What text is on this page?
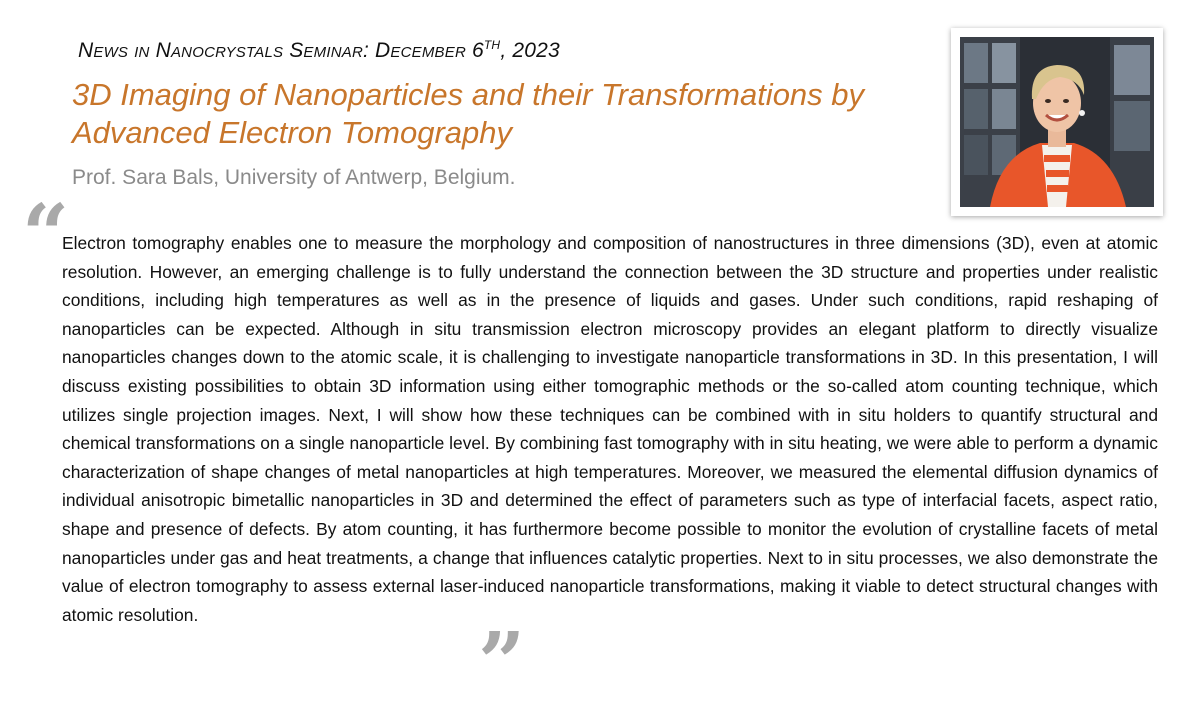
News in Nanocrystals Seminar: December 6TH, 2023
3D Imaging of Nanoparticles and their Transformations by Advanced Electron Tomography
Prof. Sara Bals, University of Antwerp, Belgium.
“

Electron tomography enables one to measure the morphology and composition of nanostructures in three dimensions (3D), even at atomic resolution. However, an emerging challenge is to fully understand the connection between the 3D structure and properties under realistic conditions, including high temperatures as well as in the presence of liquids and gases. Under such conditions, rapid reshaping of nanoparticles can be expected. Although in situ transmission electron microscopy provides an elegant platform to directly visualize nanoparticles changes down to the atomic scale, it is challenging to investigate nanoparticle transformations in 3D. In this presentation, I will discuss existing possibilities to obtain 3D information using either tomographic methods or the so-called atom counting technique, which utilizes single projection images. Next, I will show how these techniques can be combined with in situ holders to quantify structural and chemical transformations on a single nanoparticle level. By combining fast tomography with in situ heating, we were able to perform a dynamic characterization of shape changes of metal nanoparticles at high temperatures. Moreover, we measured the elemental diffusion dynamics of individual anisotropic bimetallic nanoparticles in 3D and determined the effect of parameters such as type of interfacial facets, aspect ratio, shape and presence of defects. By atom counting, it has furthermore become possible to monitor the evolution of crystalline facets of metal nanoparticles under gas and heat treatments, a change that influences catalytic properties. Next to in situ processes, we also demonstrate the value of electron tomography to assess external laser-induced nanoparticle transformations, making it viable to detect structural changes with atomic resolution.

”
